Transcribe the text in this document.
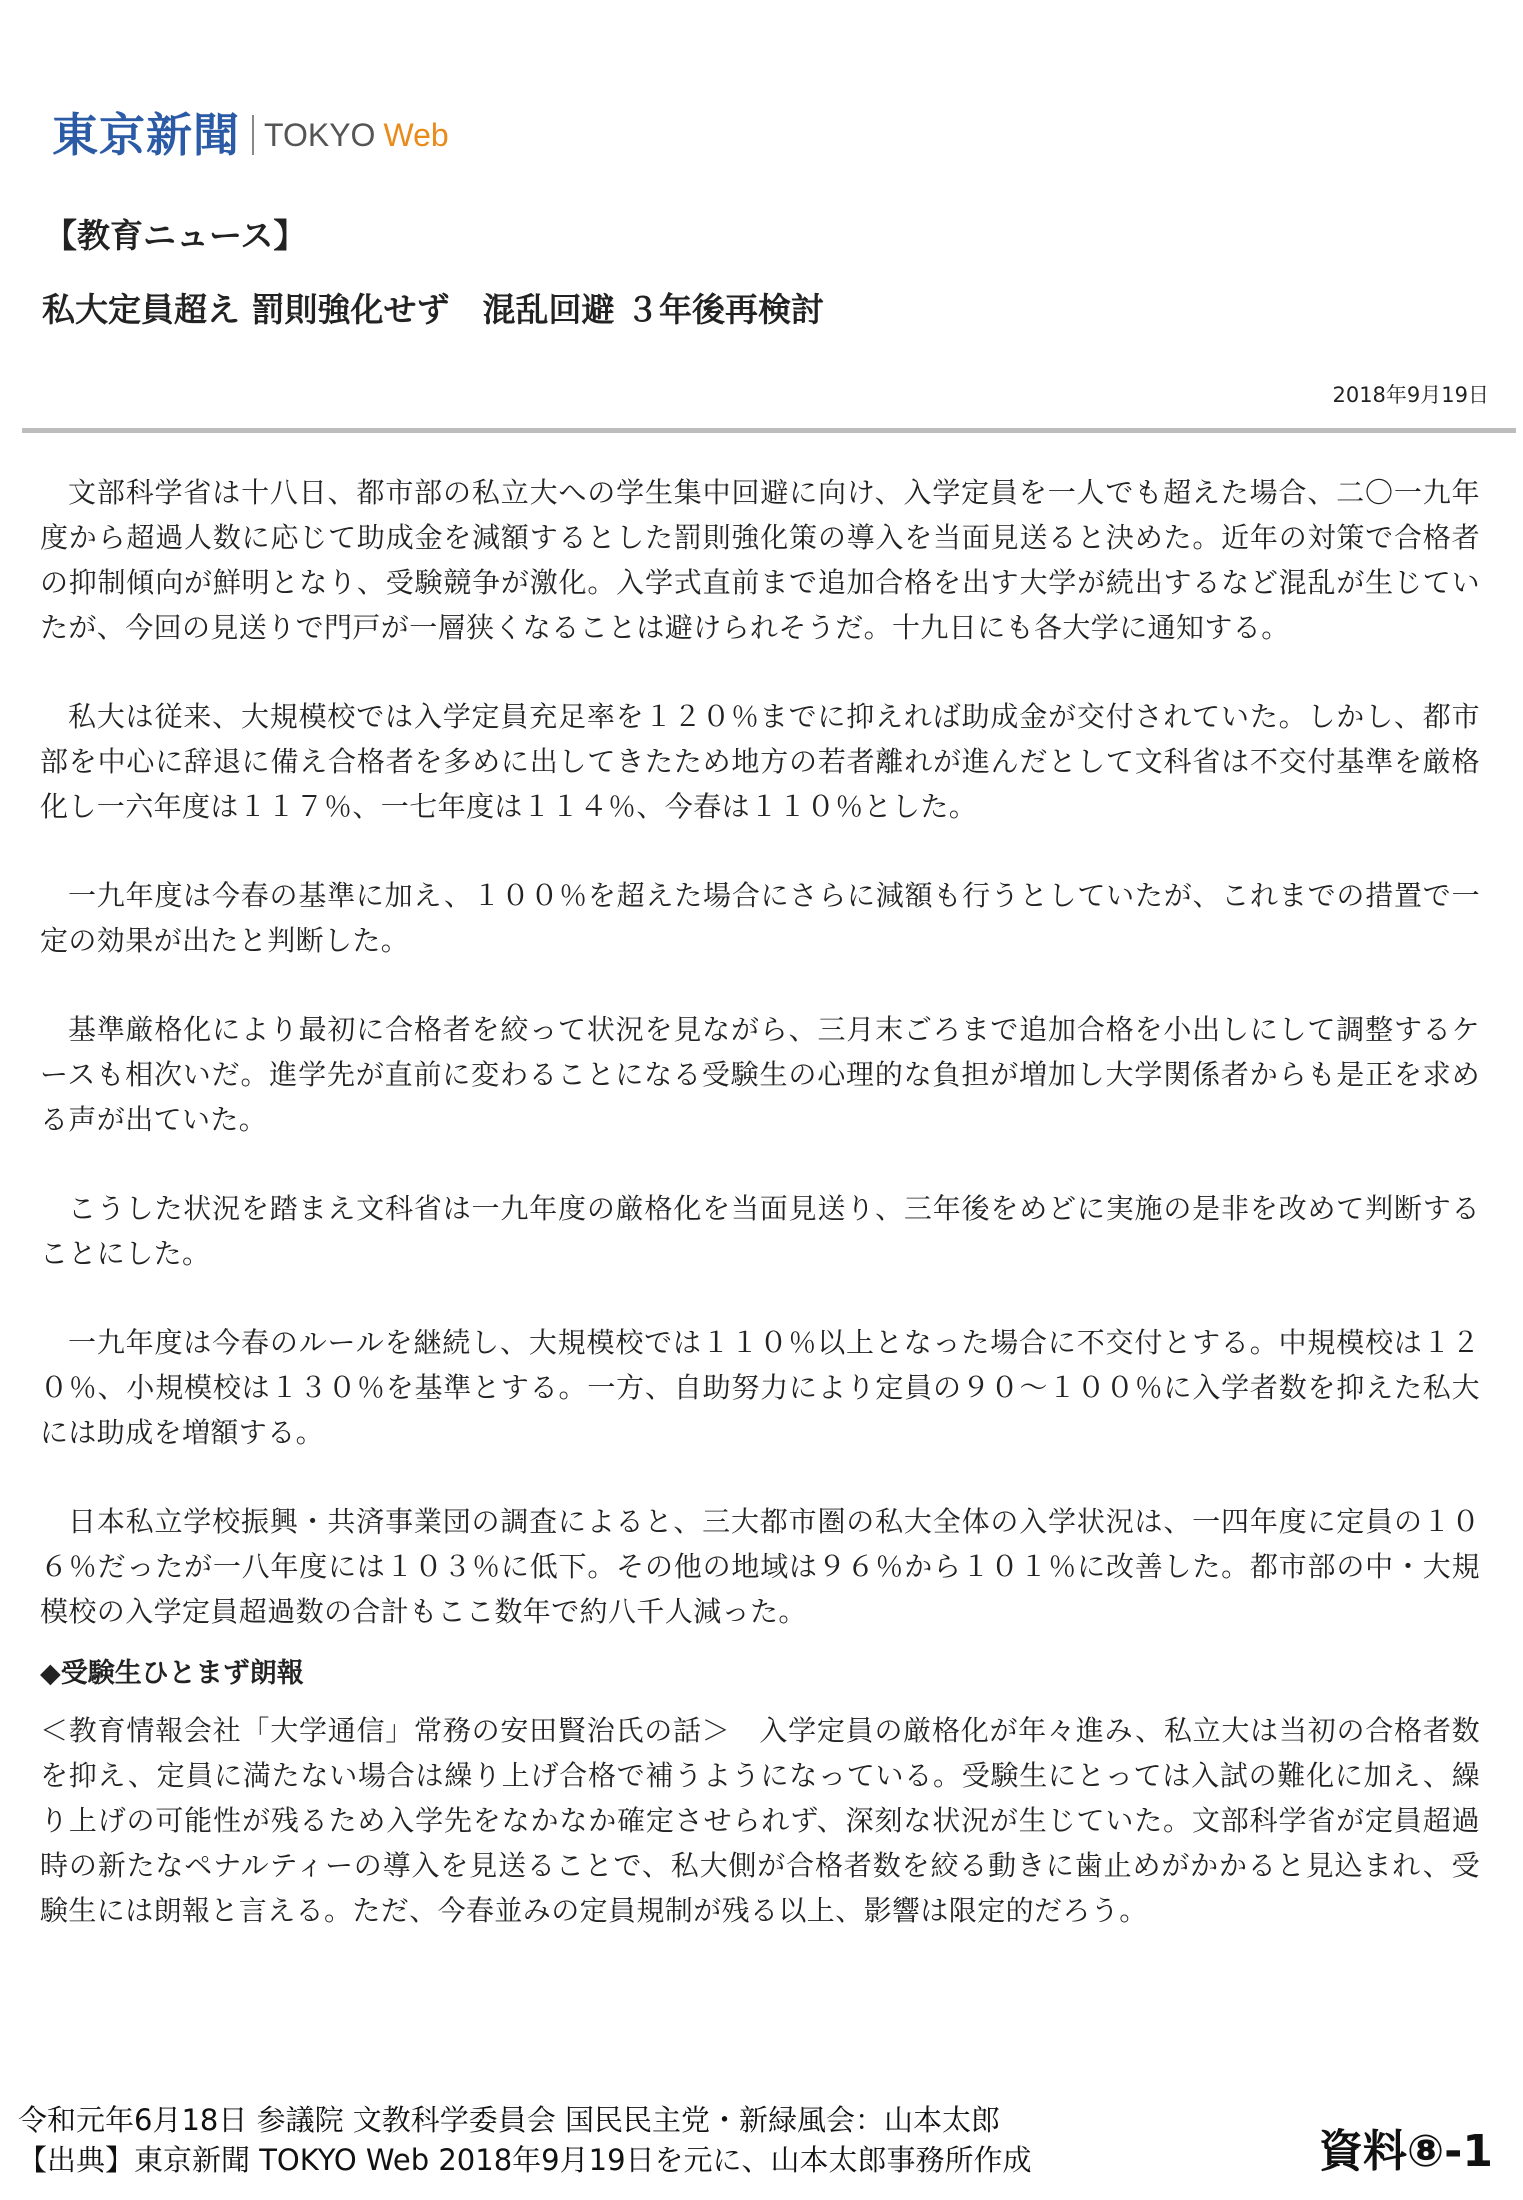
東京新聞 TOKYO Web
【教育ニュース】
私大定員超え 罰則強化せず　混乱回避 ３年後再検討
2018年9月19日

文部科学省は十八日、都市部の私立大への学生集中回避に向け、入学定員を一人でも超えた場合、二〇一九年度から超過人数に応じて助成金を減額するとした罰則強化策の導入を当面見送ると決めた。近年の対策で合格者の抑制傾向が鮮明となり、受験競争が激化。入学式直前まで追加合格を出す大学が続出するなど混乱が生じていたが、今回の見送りで門戸が一層狭くなることは避けられそうだ。十九日にも各大学に通知する。

私大は従来、大規模校では入学定員充足率を１２０％までに抑えれば助成金が交付されていた。しかし、都市部を中心に辞退に備え合格者を多めに出してきたため地方の若者離れが進んだとして文科省は不交付基準を厳格化し一六年度は１１７％、一七年度は１１４％、今春は１１０％とした。

一九年度は今春の基準に加え、１００％を超えた場合にさらに減額も行うとしていたが、これまでの措置で一定の効果が出たと判断した。

基準厳格化により最初に合格者を絞って状況を見ながら、三月末ごろまで追加合格を小出しにして調整するケースも相次いだ。進学先が直前に変わることになる受験生の心理的な負担が増加し大学関係者からも是正を求める声が出ていた。

こうした状況を踏まえ文科省は一九年度の厳格化を当面見送り、三年後をめどに実施の是非を改めて判断することにした。

一九年度は今春のルールを継続し、大規模校では１１０％以上となった場合に不交付とする。中規模校は１２０％、小規模校は１３０％を基準とする。一方、自助努力により定員の９０～１００％に入学者数を抑えた私大には助成を増額する。

日本私立学校振興・共済事業団の調査によると、三大都市圏の私大全体の入学状況は、一四年度に定員の１０６％だったが一八年度には１０３％に低下。その他の地域は９６％から１０１％に改善した。都市部の中・大規模校の入学定員超過数の合計もここ数年で約八千人減った。

◆受験生ひとまず朗報

＜教育情報会社「大学通信」常務の安田賢治氏の話＞　入学定員の厳格化が年々進み、私立大は当初の合格者数を抑え、定員に満たない場合は繰り上げ合格で補うようになっている。受験生にとっては入試の難化に加え、繰り上げの可能性が残るため入学先をなかなか確定させられず、深刻な状況が生じていた。文部科学省が定員超過時の新たなペナルティーの導入を見送ることで、私大側が合格者数を絞る動きに歯止めがかかると見込まれ、受験生には朗報と言える。ただ、今春並みの定員規制が残る以上、影響は限定的だろう。

令和元年6月18日 参議院 文教科学委員会 国民民主党・新緑風会：山本太郎
【出典】東京新聞 TOKYO Web 2018年9月19日を元に、山本太郎事務所作成	資料⑧-1
